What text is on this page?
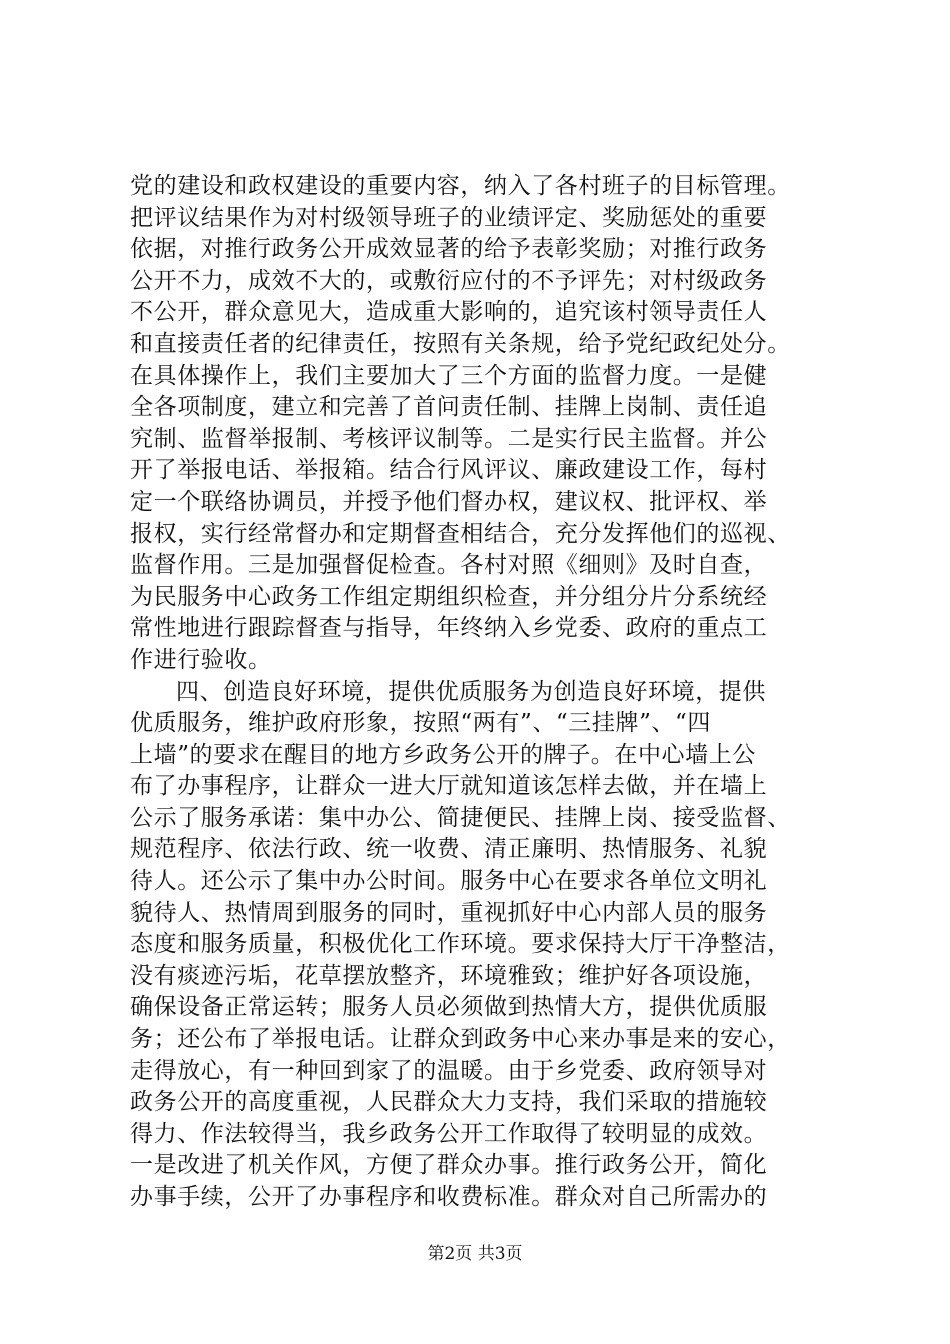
党的建设和政权建设的重要内容，纳入了各村班子的目标管理。
把评议结果作为对村级领导班子的业绩评定、奖励惩处的重要
依据，对推行政务公开成效显著的给予表彰奖励；对推行政务
公开不力，成效不大的，或敷衍应付的不予评先；对村级政务
不公开，群众意见大，造成重大影响的，追究该村领导责任人
和直接责任者的纪律责任，按照有关条规，给予党纪政纪处分。
在具体操作上，我们主要加大了三个方面的监督力度。一是健
全各项制度，建立和完善了首问责任制、挂牌上岗制、责任追
究制、监督举报制、考核评议制等。二是实行民主监督。并公
开了举报电话、举报箱。结合行风评议、廉政建设工作，每村
定一个联络协调员，并授予他们督办权，建议权、批评权、举
报权，实行经常督办和定期督查相结合，充分发挥他们的巡视、
监督作用。三是加强督促检查。各村对照《细则》及时自查，
为民服务中心政务工作组定期组织检查，并分组分片分系统经
常性地进行跟踪督查与指导，年终纳入乡党委、政府的重点工
作进行验收。
四、创造良好环境，提供优质服务为创造良好环境，提供
优质服务，维护政府形象，按照“两有”、“三挂牌”、“四
上墙”的要求在醒目的地方乡政务公开的牌子。在中心墙上公
布了办事程序，让群众一进大厅就知道该怎样去做，并在墙上
公示了服务承诺：集中办公、简捷便民、挂牌上岗、接受监督、
规范程序、依法行政、统一收费、清正廉明、热情服务、礼貌
待人。还公示了集中办公时间。服务中心在要求各单位文明礼
貌待人、热情周到服务的同时，重视抓好中心内部人员的服务
态度和服务质量，积极优化工作环境。要求保持大厅干净整洁，
没有痰迹污垢，花草摆放整齐，环境雅致；维护好各项设施，
确保设备正常运转；服务人员必须做到热情大方，提供优质服
务；还公布了举报电话。让群众到政务中心来办事是来的安心，
走得放心，有一种回到家了的温暖。由于乡党委、政府领导对
政务公开的高度重视，人民群众大力支持，我们采取的措施较
得力、作法较得当，我乡政务公开工作取得了较明显的成效。
一是改进了机关作风，方便了群众办事。推行政务公开，简化
办事手续，公开了办事程序和收费标准。群众对自己所需办的
第2页 共3页
